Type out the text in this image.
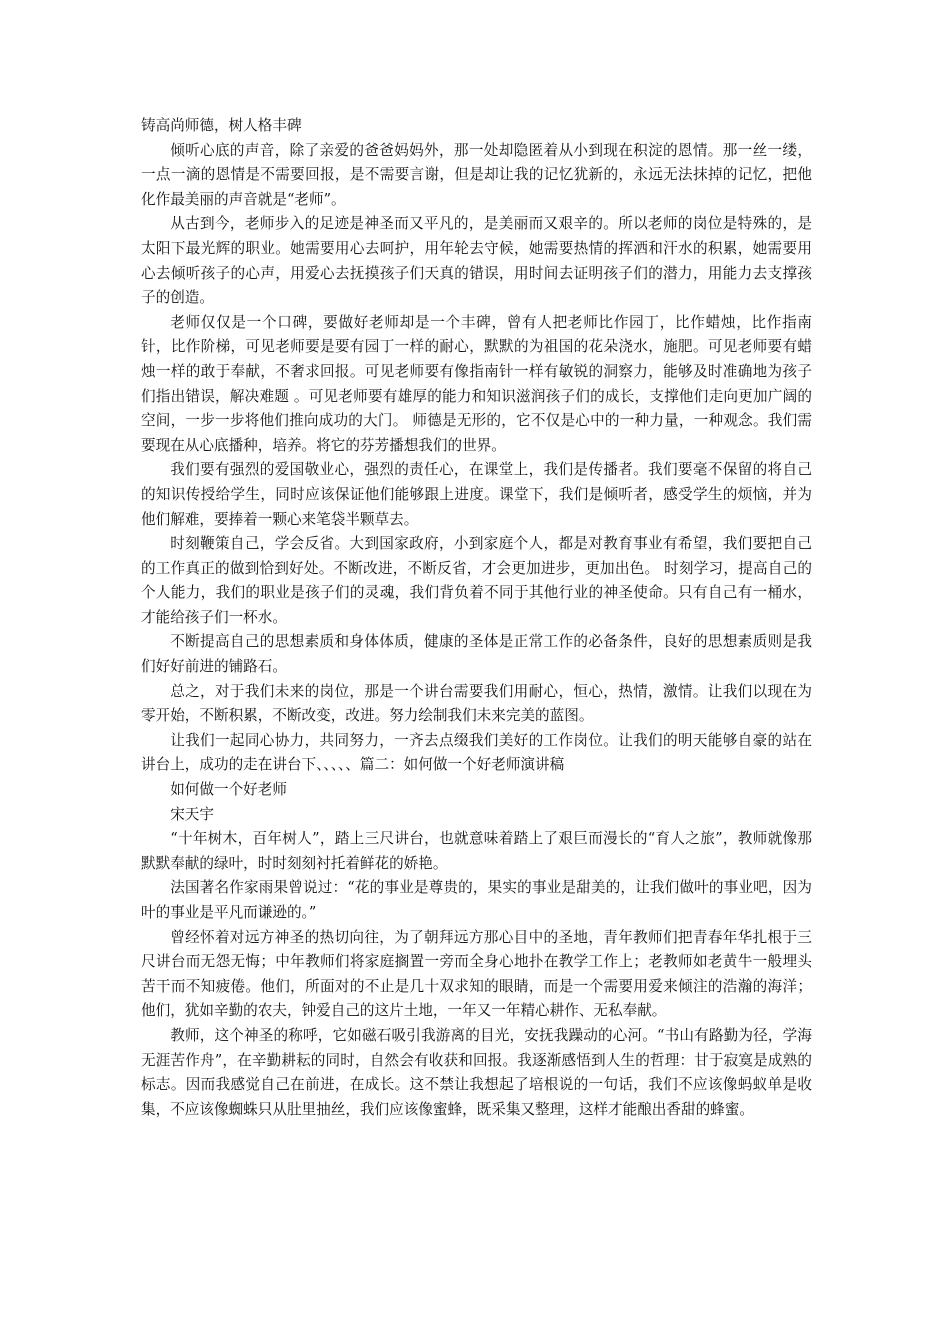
铸高尚师德，树人格丰碑

倾听心底的声音，除了亲爱的爸爸妈妈外，那一处却隐匿着从小到现在积淀的恩情。那一丝一缕，一点一滴的恩情是不需要回报，是不需要言谢，但是却让我的记忆犹新的，永远无法抹掉的记忆，把他化作最美丽的声音就是“老师”。

从古到今，老师步入的足迹是神圣而又平凡的，是美丽而又艰辛的。所以老师的岗位是特殊的，是太阳下最光辉的职业。她需要用心去呵护，用年轮去守候，她需要热情的挥洒和汗水的积累，她需要用心去倾听孩子的心声，用爱心去抚摸孩子们天真的错误，用时间去证明孩子们的潜力，用能力去支撑孩子的创造。

老师仅仅是一个口碑，要做好老师却是一个丰碑，曾有人把老师比作园丁，比作蜡烛，比作指南针，比作阶梯，可见老师要是要有园丁一样的耐心，默默的为祖国的花朵浇水，施肥。可见老师要有蜡烛一样的敢于奉献，不奢求回报。可见老师要有像指南针一样有敏锐的洞察力，能够及时准确地为孩子们指出错误，解决难题 。可见老师要有雄厚的能力和知识滋润孩子们的成长，支撑他们走向更加广阔的空间，一步一步将他们推向成功的大门。 师德是无形的，它不仅是心中的一种力量，一种观念。我们需要现在从心底播种，培养。将它的芬芳播想我们的世界。

我们要有强烈的爱国敬业心，强烈的责任心，在课堂上，我们是传播者。我们要毫不保留的将自己的知识传授给学生，同时应该保证他们能够跟上进度。课堂下，我们是倾听者，感受学生的烦恼，并为他们解难，要捧着一颗心来笔袋半颗草去。

时刻鞭策自己，学会反省。大到国家政府，小到家庭个人，都是对教育事业有希望，我们要把自己的工作真正的做到恰到好处。不断改进，不断反省，才会更加进步，更加出色。 时刻学习，提高自己的个人能力，我们的职业是孩子们的灵魂，我们背负着不同于其他行业的神圣使命。只有自己有一桶水，才能给孩子们一杯水。

不断提高自己的思想素质和身体体质，健康的圣体是正常工作的必备条件，良好的思想素质则是我们好好前进的铺路石。

总之，对于我们未来的岗位，那是一个讲台需要我们用耐心，恒心，热情，激情。让我们以现在为零开始，不断积累，不断改变，改进。努力绘制我们未来完美的蓝图。

让我们一起同心协力，共同努力，一齐去点缀我们美好的工作岗位。让我们的明天能够自豪的站在讲台上，成功的走在讲台下、、、、、篇二：如何做一个好老师演讲稿

如何做一个好老师

宋天宇

“十年树木，百年树人”，踏上三尺讲台，也就意味着踏上了艰巨而漫长的“育人之旅”，教师就像那默默奉献的绿叶，时时刻刻衬托着鲜花的娇艳。

法国著名作家雨果曾说过：“花的事业是尊贵的，果实的事业是甜美的，让我们做叶的事业吧，因为叶的事业是平凡而谦逊的。”

曾经怀着对远方神圣的热切向往，为了朝拜远方那心目中的圣地，青年教师们把青春年华扎根于三尺讲台而无怨无悔；中年教师们将家庭搁置一旁而全身心地扑在教学工作上；老教师如老黄牛一般埋头苦干而不知疲倦。他们，所面对的不止是几十双求知的眼睛，而是一个需要用爱来倾注的浩瀚的海洋；他们，犹如辛勤的农夫，钟爱自己的这片土地，一年又一年精心耕作、无私奉献。

教师，这个神圣的称呼，它如磁石吸引我游离的目光，安抚我躁动的心河。“书山有路勤为径，学海无涯苦作舟”，在辛勤耕耘的同时，自然会有收获和回报。我逐渐感悟到人生的哲理：甘于寂寞是成熟的标志。因而我感觉自己在前进，在成长。这不禁让我想起了培根说的一句话，我们不应该像蚂蚁单是收集，不应该像蜘蛛只从肚里抽丝，我们应该像蜜蜂，既采集又整理，这样才能酿出香甜的蜂蜜。
